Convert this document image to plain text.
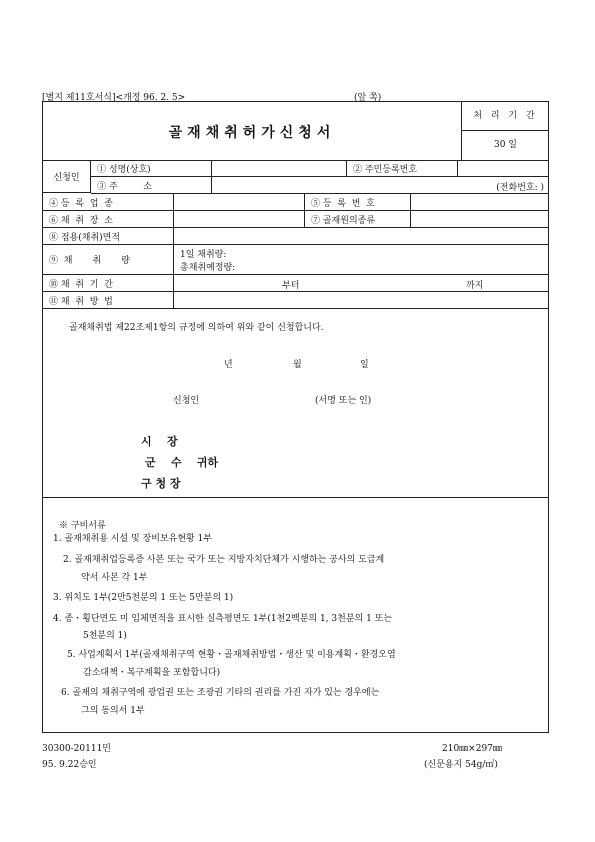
[별지 제11호서식]<개정 96. 2. 5>	(앞 쪽)
골재채취허가신청서
처 리 기 간
30 일
신청인
① 성명(상호)	② 주민등록번호
③ 주         소	(전화번호: )
④ 등  록  업  종	⑤ 등  록  번  호
⑥ 채  취  장  소	⑦ 골재원의종류
⑧ 점용(채취)면적
⑨  채       취       량
1일 채취량:
총채취예정량:
⑩ 채  취  기  간	부터	까지
⑪ 채  취  방  법
골재채취법 제22조제1항의 규정에 의하여 위와 같이 신청합니다.
년	월	일
신청인	(서명 또는 인)
시    장
군    수    귀하
구 청 장
※ 구비서류
1. 골재채취용 시설 및 장비보유현황 1부
2. 골재채취업등록증 사본 또는 국가 또는 지방자치단체가 시행하는 공사의 도급계
약서 사본 각 1부
3. 위치도 1부(2만5천분의 1 또는 5만분의 1)
4. 종・횡단면도 미 임체면적을 표시한 실측평면도 1부(1천2백분의 1, 3천분의 1 또는
5천분의 1)
5. 사업계획서 1부(골재채취구역 현황・골재채취방법・생산 및 이용계획・환경오염
감소대책・복구계획을 포함합니다)
6. 골재의 채취구역에 광업권 또는 조광권 기타의 권리를 가진 자가 있는 경우에는
그의 동의서 1부
30300-20111민
95. 9.22승인
210㎜×297㎜
(신문용지 54g/㎡)
